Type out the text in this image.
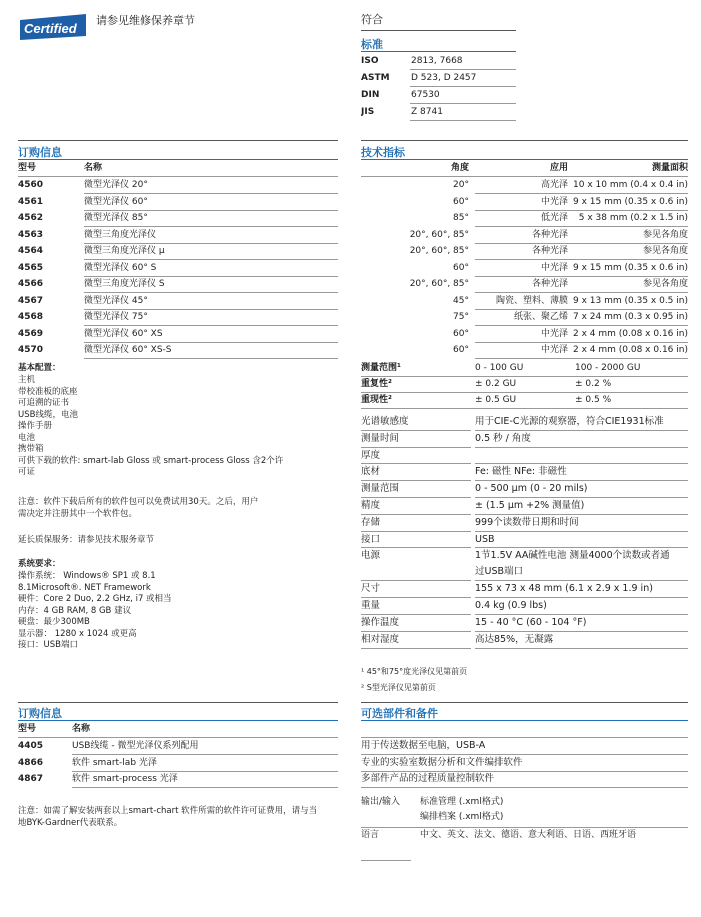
Certified
请参见维修保养章节	符合
标准
ISO	2813, 7668
ASTM D 523, D 2457
DIN	67530
JIS	Z 8741
订购信息
型号	名称
4560	微型光泽仪 20°
4561	微型光泽仪 60°
4562	微型光泽仪 85°
4563	微型三角度光泽仪
4564	微型三角度光泽仪 µ
4565	微型光泽仪 60° S
4566	微型三角度光泽仪 S
4567	微型光泽仪 45°
4568	微型光泽仪 75°
4569	微型光泽仪 60° XS
4570	微型光泽仪 60° XS-S
技术指标
角度	应用	测量面积
20°	高光泽 10 x 10 mm (0.4 x 0.4 in)
60°	中光泽 9 x 15 mm (0.35 x 0.6 in)
85°	低光泽	5 x 38 mm (0.2 x 1.5 in)
20°, 60°, 85°	各种光泽	参见各角度
20°, 60°, 85°	各种光泽	参见各角度
60°	中光泽 9 x 15 mm (0.35 x 0.6 in)
20°, 60°, 85°	各种光泽	参见各角度
45°	陶瓷、塑料、薄膜 9 x 13 mm (0.35 x 0.5 in)
75°	纸张、聚乙烯 7 x 24 mm (0.3 x 0.95 in)
60°	中光泽 2 x 4 mm (0.08 x 0.16 in)
60°	中光泽 2 x 4 mm (0.08 x 0.16 in)
测量范围¹	0 - 100 GU	100 - 2000 GU
重复性²	± 0.2 GU	± 0.2 %
重现性²	± 0.5 GU	± 0.5 %
光谱敏感度	用于CIE-C光源的观察器，符合CIE1931标准
测量时间	0.5 秒 / 角度
厚度
底材	Fe: 磁性 NFe: 非磁性
测量范围	0 - 500 µm (0 - 20 mils)
精度	± (1.5 µm +2% 测量值)
存储	999个读数带日期和时间
接口	USB
电源	1节1.5V AA碱性电池 测量4000个读数或者通
过USB端口
尺寸	155 x 73 x 48 mm (6.1 x 2.9 x 1.9 in)
重量	0.4 kg (0.9 lbs)
操作温度	15 - 40 °C (60 - 104 °F)
相对湿度	高达85%，无凝露
¹ 45°和75°度光泽仪见第前页
² S型光泽仪见第前页
基本配置：
主机
带校准板的底座
可追溯的证书
USB线缆，电池
操作手册
电池
携带箱
可供下载的软件: smart-lab Gloss 或 smart-process Gloss 含2个许
可证
注意：软件下载后所有的软件包可以免费试用30天。之后，用户
需决定并注册其中一个软件包。
延长质保服务：请参见技术服务章节
系统要求：
操作系统： Windows® SP1 或 8.1
8.1Microsoft®. NET Framework
硬件：Core 2 Duo, 2.2 GHz, i7 或相当
内存：4 GB RAM, 8 GB 建议
硬盘：最少300MB
显示器： 1280 x 1024 或更高
接口：USB端口
订购信息
型号	名称
4405	USB线缆 - 微型光泽仪系列配用
4866	软件 smart-lab 光泽
4867	软件 smart-process 光泽
注意：如需了解安装两套以上smart-chart 软件所需的软件许可证费用，请与当
地BYK-Gardner代表联系。
可选部件和备件
用于传送数据至电脑，USB-A
专业的实验室数据分析和文件编排软件
多部件产品的过程质量控制软件
输出/输入 标准管理 (.xml格式)
编排档案 (.xml格式)
语言	中文、英文、法文、德语、意大利语、日语、西班牙语
